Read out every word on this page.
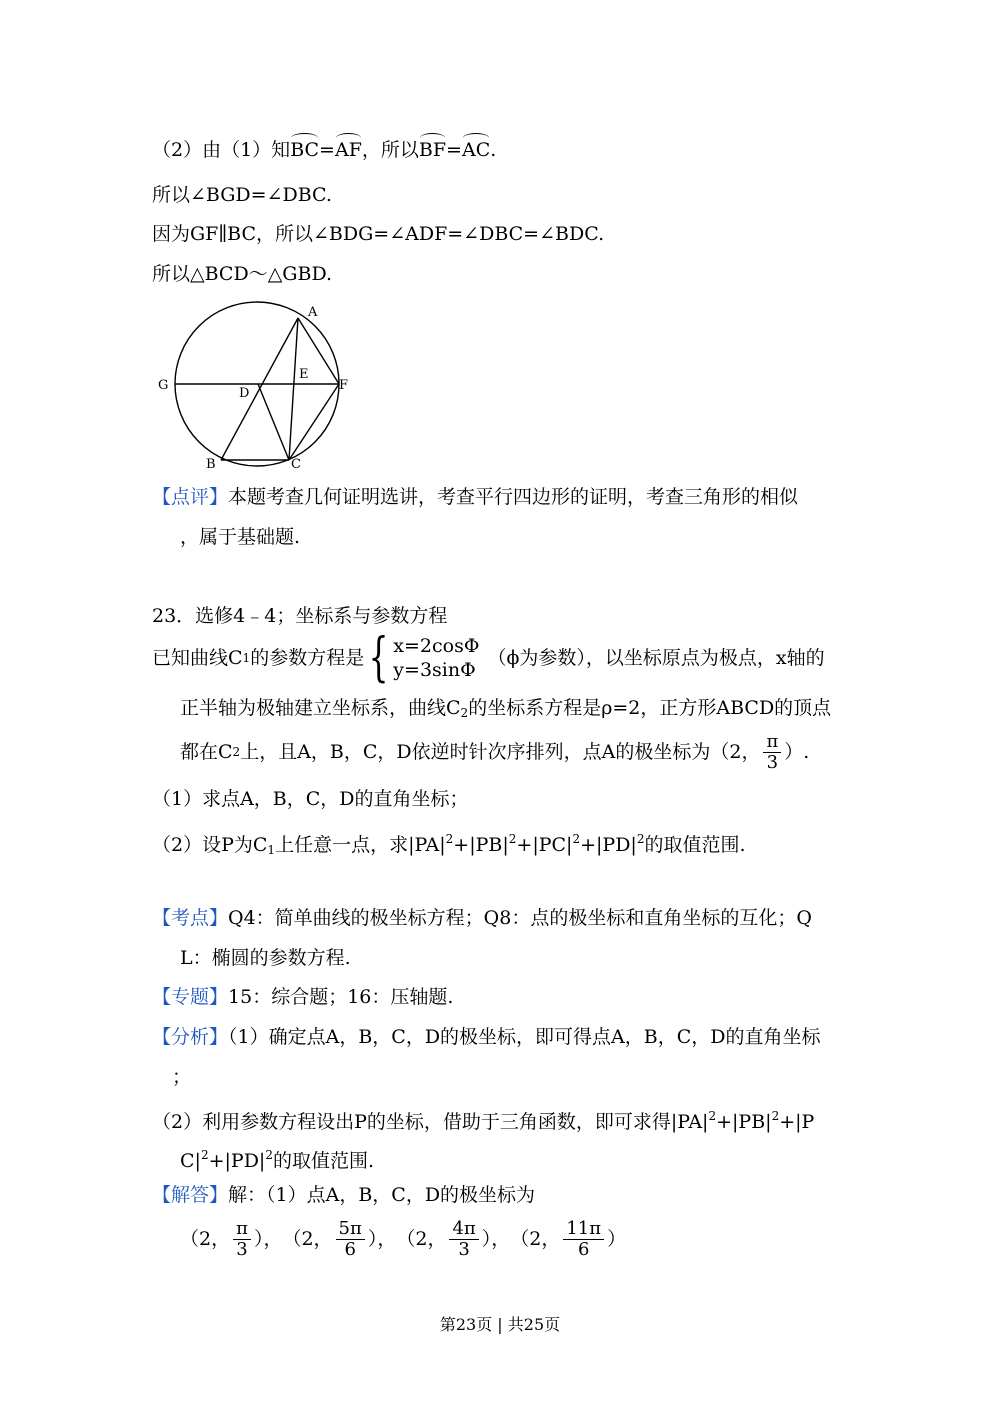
（2）由（1）知BC=AF，所以BF=AC.
所以∠BGD=∠DBC.
因为GF∥BC，所以∠BDG=∠ADF=∠DBC=∠BDC.
所以△BCD～△GBD.
A
G
D
E
F
B	C
【点评】本题考查几何证明选讲，考查平行四边形的证明，考查三角形的相似
，属于基础题.
23．选修4﹣4；坐标系与参数方程
已知曲线C 1 的参数方程是 { x=2cosΦ
y=3sinΦ
（ϕ为参数），以坐标原点为极点，x轴的
正半轴为极轴建立坐标系，曲线$C_2$的坐标系方程是ρ=2，正方形ABCD的顶点
都在C 2 上，且A，B，C，D依逆时针次序排列，点A的极坐标为（2， $\frac{\pi}{3}$ ）.
（1）求点A，B，C，D的直角坐标；
（2）设P为$C_1$上任意一点，求$|PA|^2+|PB|^2+|PC|^2+|PD|^2$的取值范围.
【考点】Q4：简单曲线的极坐标方程；Q8：点的极坐标和直角坐标的互化；Q
L：椭圆的参数方程.
【专题】15：综合题；16：压轴题.
【分析】（1）确定点A，B，C，D的极坐标，即可得点A，B，C，D的直角坐标
；
（2）利用参数方程设出P的坐标，借助于三角函数，即可求得$|PA|^2+|PB|^2+|P$
$C|^2+|PD|^2$的取值范围.
【解答】解：（1）点A，B，C，D的极坐标为
（2， $\frac{\pi}{3}$ ）， （2， $\frac{5\pi}{6}$ ）， （2， $\frac{4\pi}{3}$ ）， （2， $\frac{11\pi}{6}$ ）
第23页 | 共25页
